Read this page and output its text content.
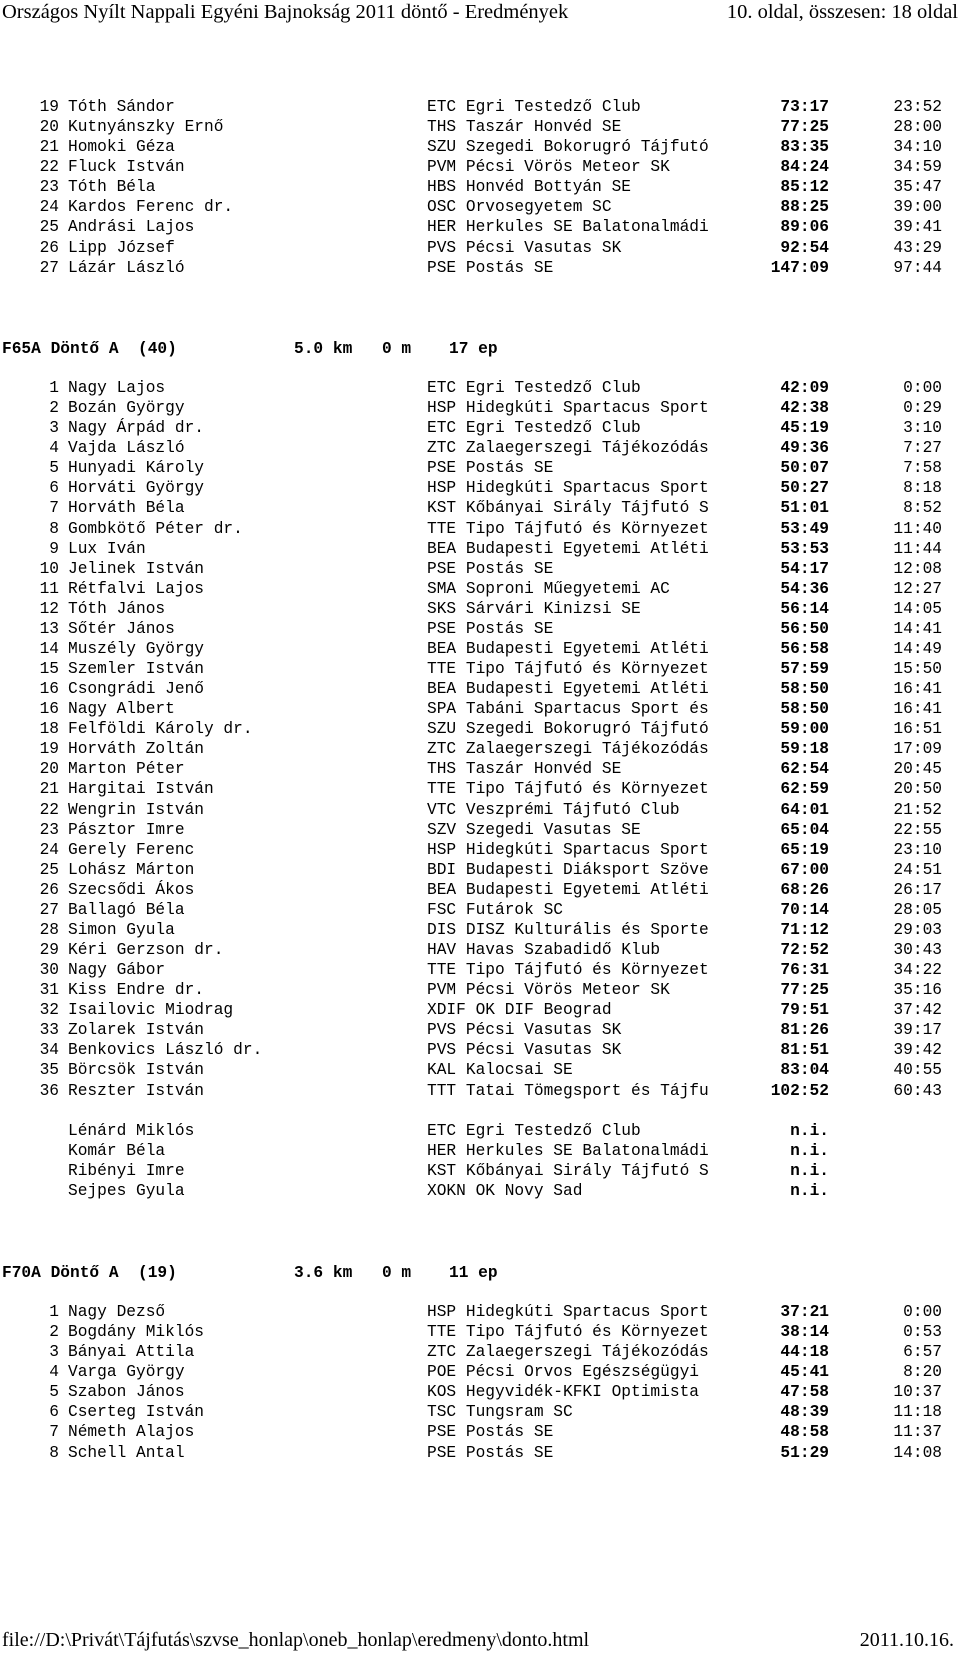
Országos Nyílt Nappali Egyéni Bajnokság 2011 döntő - Eredmények	10. oldal, összesen: 18 oldal
19 Tóth Sándor	ETC Egri Testedző Club	73:17	23:52
20 Kutnyánszky Ernő	THS Taszár Honvéd SE	77:25	28:00
21 Homoki Géza	SZU Szegedi Bokorugró Tájfutó	83:35	34:10
22 Fluck István	PVM Pécsi Vörös Meteor SK	84:24	34:59
23 Tóth Béla	HBS Honvéd Bottyán SE	85:12	35:47
24 Kardos Ferenc dr.	OSC Orvosegyetem SC	88:25	39:00
25 Andrási Lajos	HER Herkules SE Balatonalmádi	89:06	39:41
26 Lipp József	PVS Pécsi Vasutas SK	92:54	43:29
27 Lázár László	PSE Postás SE	147:09	97:44
F65A Döntő A  (40)	5.0 km 0 m 17 ep
1 Nagy Lajos	ETC Egri Testedző Club	42:09	0:00
2 Bozán György	HSP Hidegkúti Spartacus Sport	42:38	0:29
3 Nagy Árpád dr.	ETC Egri Testedző Club	45:19	3:10
4 Vajda László	ZTC Zalaegerszegi Tájékozódás	49:36	7:27
5 Hunyadi Károly	PSE Postás SE	50:07	7:58
6 Horváti György	HSP Hidegkúti Spartacus Sport	50:27	8:18
7 Horváth Béla	KST Kőbányai Sirály Tájfutó S	51:01	8:52
8 Gombkötő Péter dr.	TTE Tipo Tájfutó és Környezet	53:49	11:40
9 Lux Iván	BEA Budapesti Egyetemi Atléti	53:53	11:44
10 Jelinek István	PSE Postás SE	54:17	12:08
11 Rétfalvi Lajos	SMA Soproni Műegyetemi AC	54:36	12:27
12 Tóth János	SKS Sárvári Kinizsi SE	56:14	14:05
13 Sőtér János	PSE Postás SE	56:50	14:41
14 Muszély György	BEA Budapesti Egyetemi Atléti	56:58	14:49
15 Szemler István	TTE Tipo Tájfutó és Környezet	57:59	15:50
16 Csongrádi Jenő	BEA Budapesti Egyetemi Atléti	58:50	16:41
16 Nagy Albert	SPA Tabáni Spartacus Sport és	58:50	16:41
18 Felföldi Károly dr.	SZU Szegedi Bokorugró Tájfutó	59:00	16:51
19 Horváth Zoltán	ZTC Zalaegerszegi Tájékozódás	59:18	17:09
20 Marton Péter	THS Taszár Honvéd SE	62:54	20:45
21 Hargitai István	TTE Tipo Tájfutó és Környezet	62:59	20:50
22 Wengrin István	VTC Veszprémi Tájfutó Club	64:01	21:52
23 Pásztor Imre	SZV Szegedi Vasutas SE	65:04	22:55
24 Gerely Ferenc	HSP Hidegkúti Spartacus Sport	65:19	23:10
25 Lohász Márton	BDI Budapesti Diáksport Szöve	67:00	24:51
26 Szecsődi Ákos	BEA Budapesti Egyetemi Atléti	68:26	26:17
27 Ballagó Béla	FSC Futárok SC	70:14	28:05
28 Simon Gyula	DIS DISZ Kulturális és Sporte	71:12	29:03
29 Kéri Gerzson dr.	HAV Havas Szabadidő Klub	72:52	30:43
30 Nagy Gábor	TTE Tipo Tájfutó és Környezet	76:31	34:22
31 Kiss Endre dr.	PVM Pécsi Vörös Meteor SK	77:25	35:16
32 Isailovic Miodrag	XDIF OK DIF Beograd	79:51	37:42
33 Zolarek István	PVS Pécsi Vasutas SK	81:26	39:17
34 Benkovics László dr.	PVS Pécsi Vasutas SK	81:51	39:42
35 Börcsök István	KAL Kalocsai SE	83:04	40:55
36 Reszter István	TTT Tatai Tömegsport és Tájfu	102:52	60:43
Lénárd Miklós	ETC Egri Testedző Club	n.i.
Komár Béla	HER Herkules SE Balatonalmádi	n.i.
Ribényi Imre	KST Kőbányai Sirály Tájfutó S	n.i.
Sejpes Gyula	XOKN OK Novy Sad	n.i.
F70A Döntő A  (19)	3.6 km 0 m 11 ep
1 Nagy Dezső	HSP Hidegkúti Spartacus Sport	37:21	0:00
2 Bogdány Miklós	TTE Tipo Tájfutó és Környezet	38:14	0:53
3 Bányai Attila	ZTC Zalaegerszegi Tájékozódás	44:18	6:57
4 Varga György	POE Pécsi Orvos Egészségügyi	45:41	8:20
5 Szabon János	KOS Hegyvidék-KFKI Optimista	47:58	10:37
6 Cserteg István	TSC Tungsram SC	48:39	11:18
7 Németh Alajos	PSE Postás SE	48:58	11:37
8 Schell Antal	PSE Postás SE	51:29	14:08
file://D:\Privát\Tájfutás\szvse_honlap\oneb_honlap\eredmeny\donto.html	2011.10.16.
